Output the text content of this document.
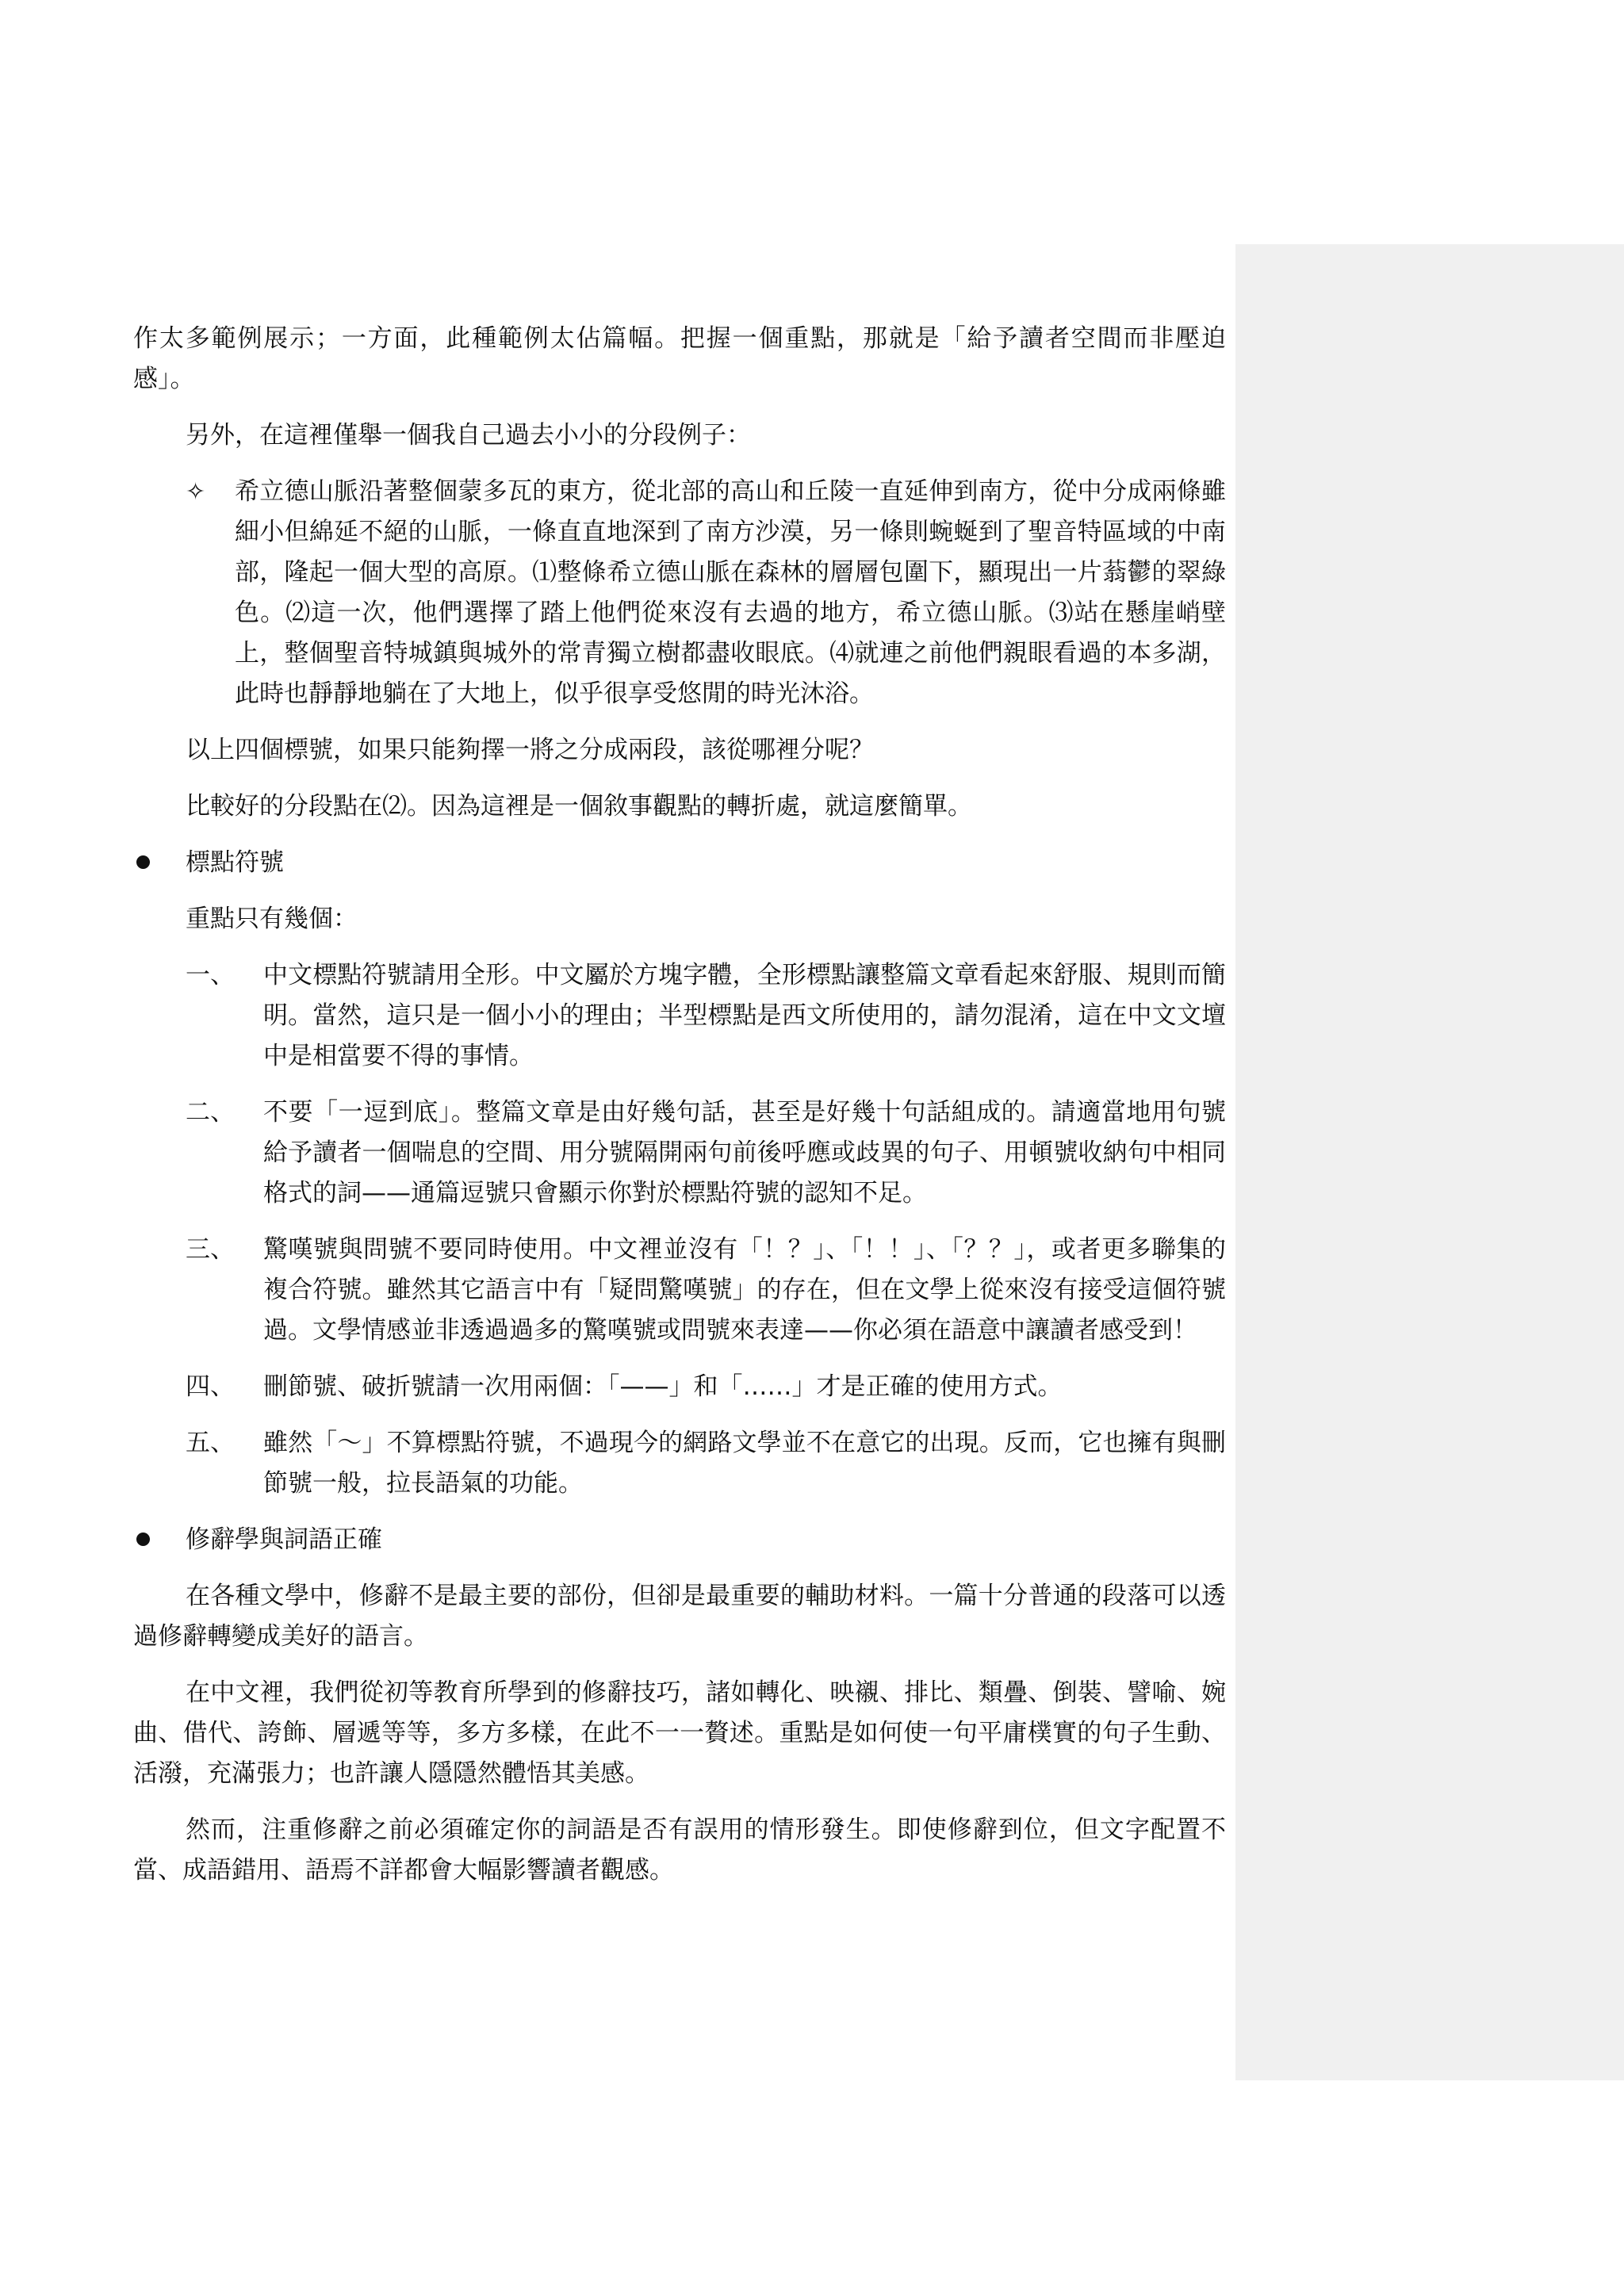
作太多範例展示；一方面，此種範例太佔篇幅。把握一個重點，那就是「給予讀者空間而非壓迫感」。

另外，在這裡僅舉一個我自己過去小小的分段例子：

✧	希立德山脈沿著整個蒙多瓦的東方，從北部的高山和丘陵一直延伸到南方，從中分成兩條雖細小但綿延不絕的山脈，一條直直地深到了南方沙漠，另一條則蜿蜒到了聖音特區域的中南部，隆起一個大型的高原。⑴整條希立德山脈在森林的層層包圍下，顯現出一片蓊鬱的翠綠色。⑵這一次，他們選擇了踏上他們從來沒有去過的地方，希立德山脈。⑶站在懸崖峭壁上，整個聖音特城鎮與城外的常青獨立樹都盡收眼底。⑷就連之前他們親眼看過的本多湖，此時也靜靜地躺在了大地上，似乎很享受悠閒的時光沐浴。

以上四個標號，如果只能夠擇一將之分成兩段，該從哪裡分呢？

比較好的分段點在⑵。因為這裡是一個敘事觀點的轉折處，就這麼簡單。

標點符號

重點只有幾個：

一、	中文標點符號請用全形。中文屬於方塊字體，全形標點讓整篇文章看起來舒服、規則而簡明。當然，這只是一個小小的理由；半型標點是西文所使用的，請勿混淆，這在中文文壇中是相當要不得的事情。
二、	不要「一逗到底」。整篇文章是由好幾句話，甚至是好幾十句話組成的。請適當地用句號給予讀者一個喘息的空間、用分號隔開兩句前後呼應或歧異的句子、用頓號收納句中相同格式的詞——通篇逗號只會顯示你對於標點符號的認知不足。
三、	驚嘆號與問號不要同時使用。中文裡並沒有「！？」、「！！」、「？？」，或者更多聯集的複合符號。雖然其它語言中有「疑問驚嘆號」的存在，但在文學上從來沒有接受這個符號過。文學情感並非透過過多的驚嘆號或問號來表達——你必須在語意中讓讀者感受到！
四、	刪節號、破折號請一次用兩個：「——」和「……」才是正確的使用方式。
五、	雖然「～」不算標點符號，不過現今的網路文學並不在意它的出現。反而，它也擁有與刪節號一般，拉長語氣的功能。
修辭學與詞語正確

在各種文學中，修辭不是最主要的部份，但卻是最重要的輔助材料。一篇十分普通的段落可以透過修辭轉變成美好的語言。

在中文裡，我們從初等教育所學到的修辭技巧，諸如轉化、映襯、排比、類疊、倒裝、譬喻、婉曲、借代、誇飾、層遞等等，多方多樣，在此不一一贅述。重點是如何使一句平庸樸實的句子生動、活潑，充滿張力；也許讓人隱隱然體悟其美感。

然而，注重修辭之前必須確定你的詞語是否有誤用的情形發生。即使修辭到位，但文字配置不當、成語錯用、語焉不詳都會大幅影響讀者觀感。
